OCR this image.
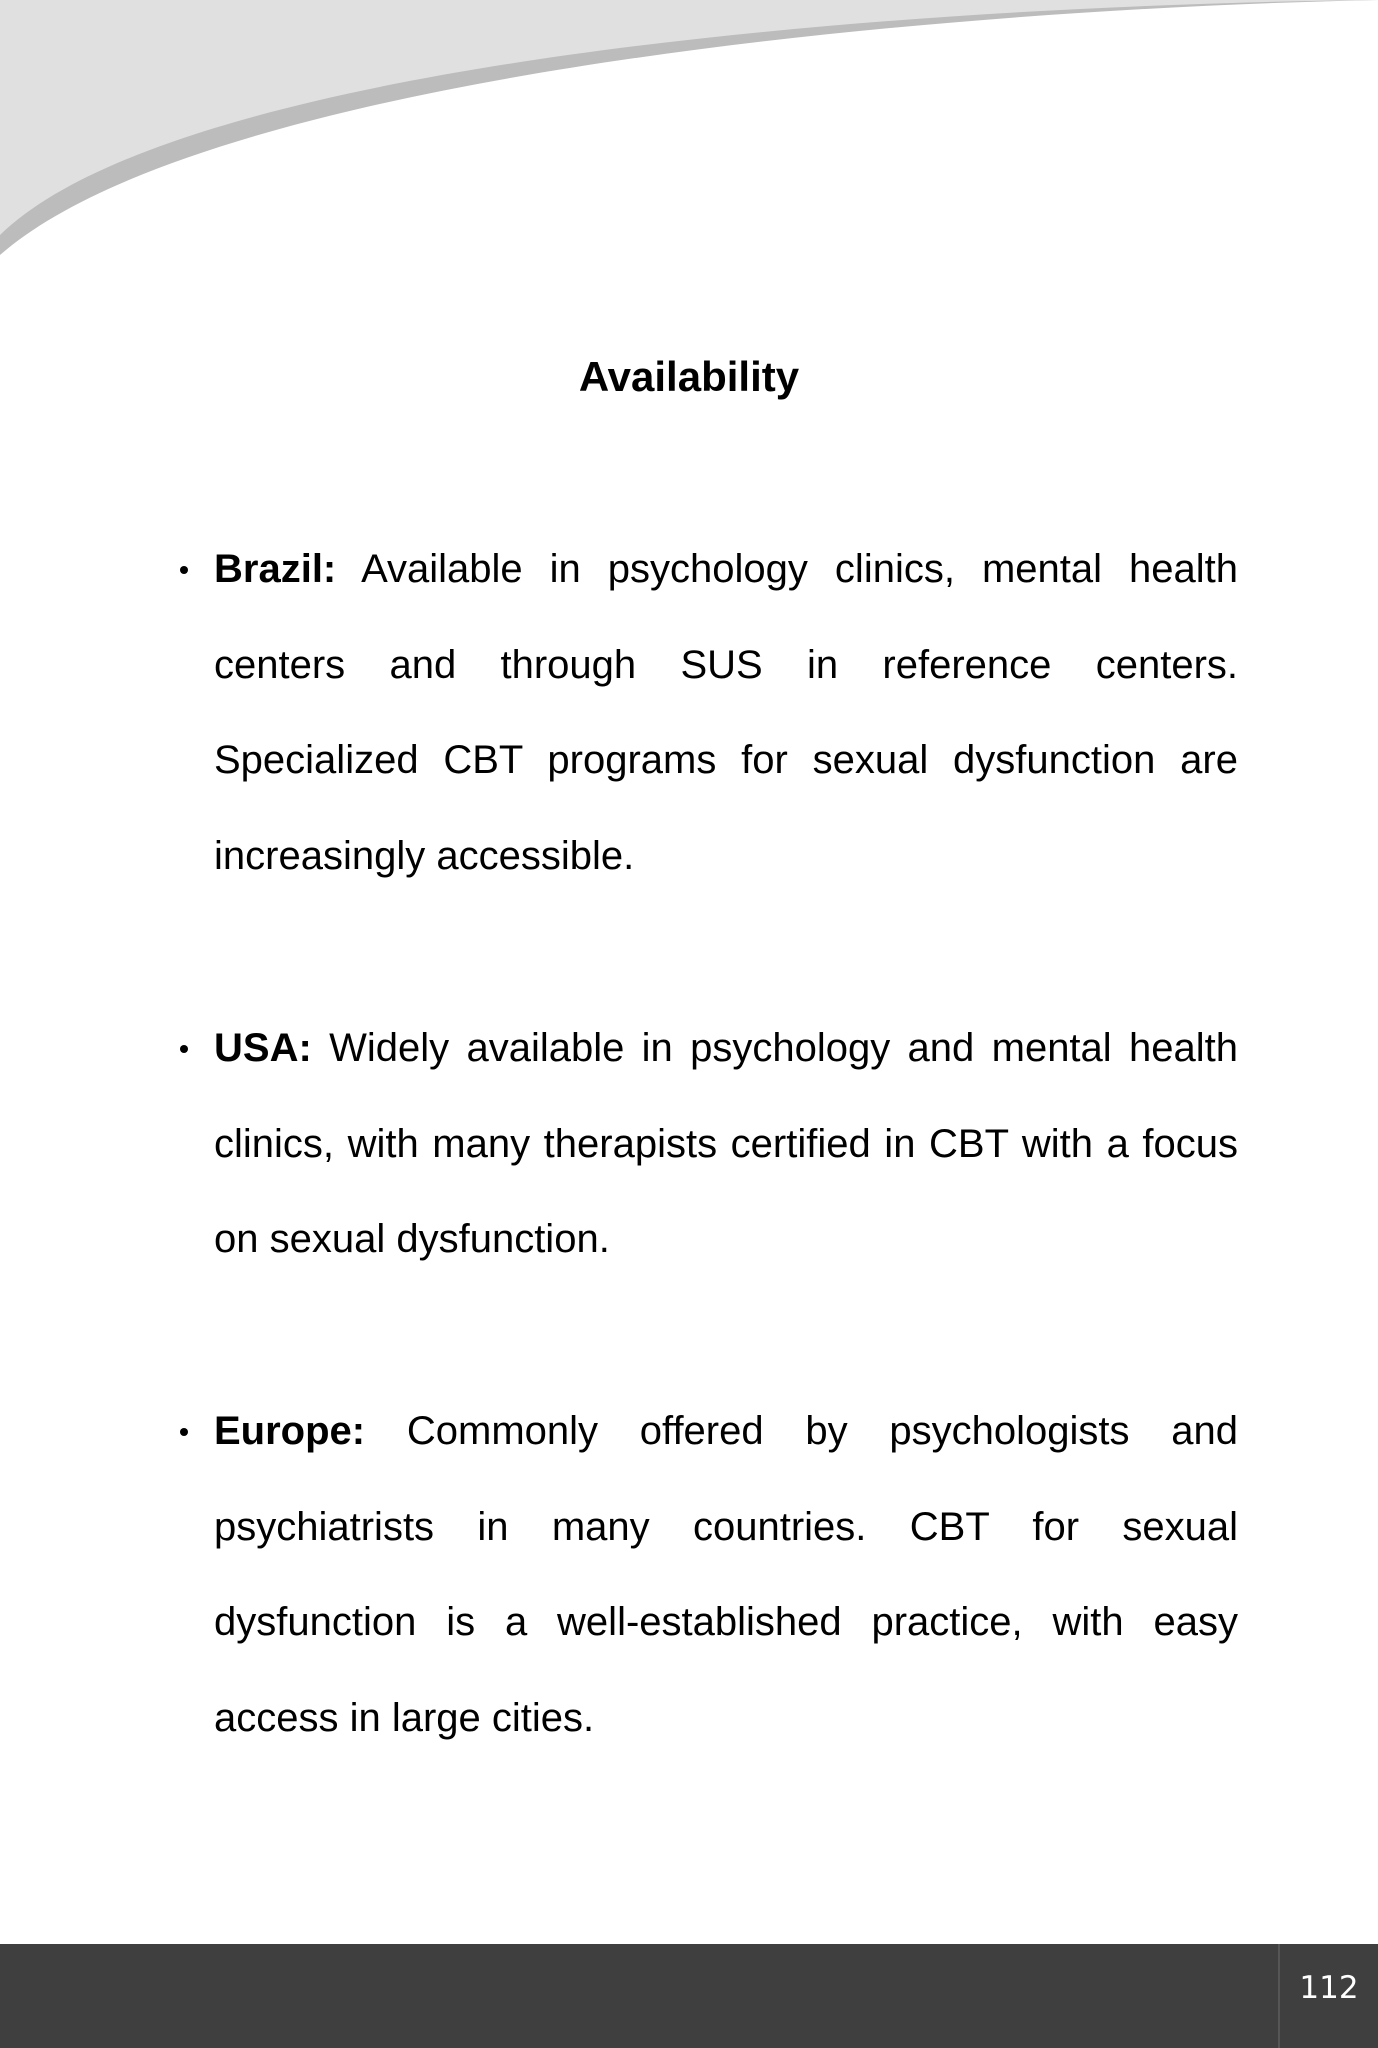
Availability
Brazil: Available in psychology clinics, mental health centers and through SUS in reference centers. Specialized CBT programs for sexual dysfunction are increasingly accessible.
USA: Widely available in psychology and mental health clinics, with many therapists certified in CBT with a focus on sexual dysfunction.
Europe: Commonly offered by psychologists and psychiatrists in many countries. CBT for sexual dysfunction is a well-established practice, with easy access in large cities.
112
